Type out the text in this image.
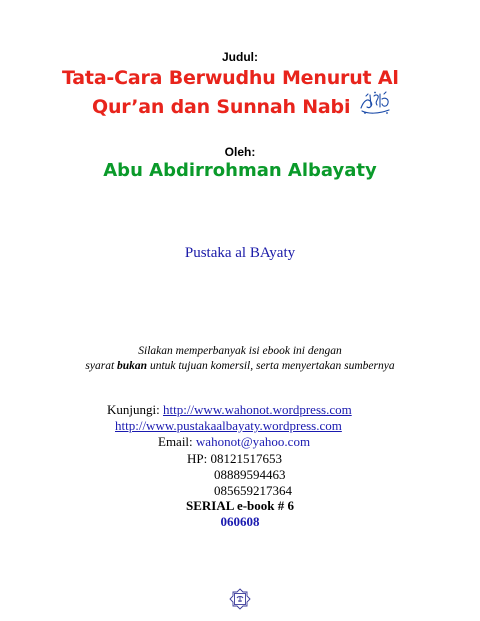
Judul:
Tata-Cara Berwudhu Menurut Al
Qur’an dan Sunnah Nabi
Oleh:
Abu Abdirrohman Albayaty
Pustaka al BAyaty
Silakan memperbanyak isi ebook ini dengan
syarat bukan untuk tujuan komersil, serta menyertakan sumbernya
Kunjungi: http://www.wahonot.wordpress.com
http://www.pustakaalbayaty.wordpress.com
Email: wahonot@yahoo.com
HP: 08121517653
08889594463
085659217364
SERIAL e-book # 6
060608
